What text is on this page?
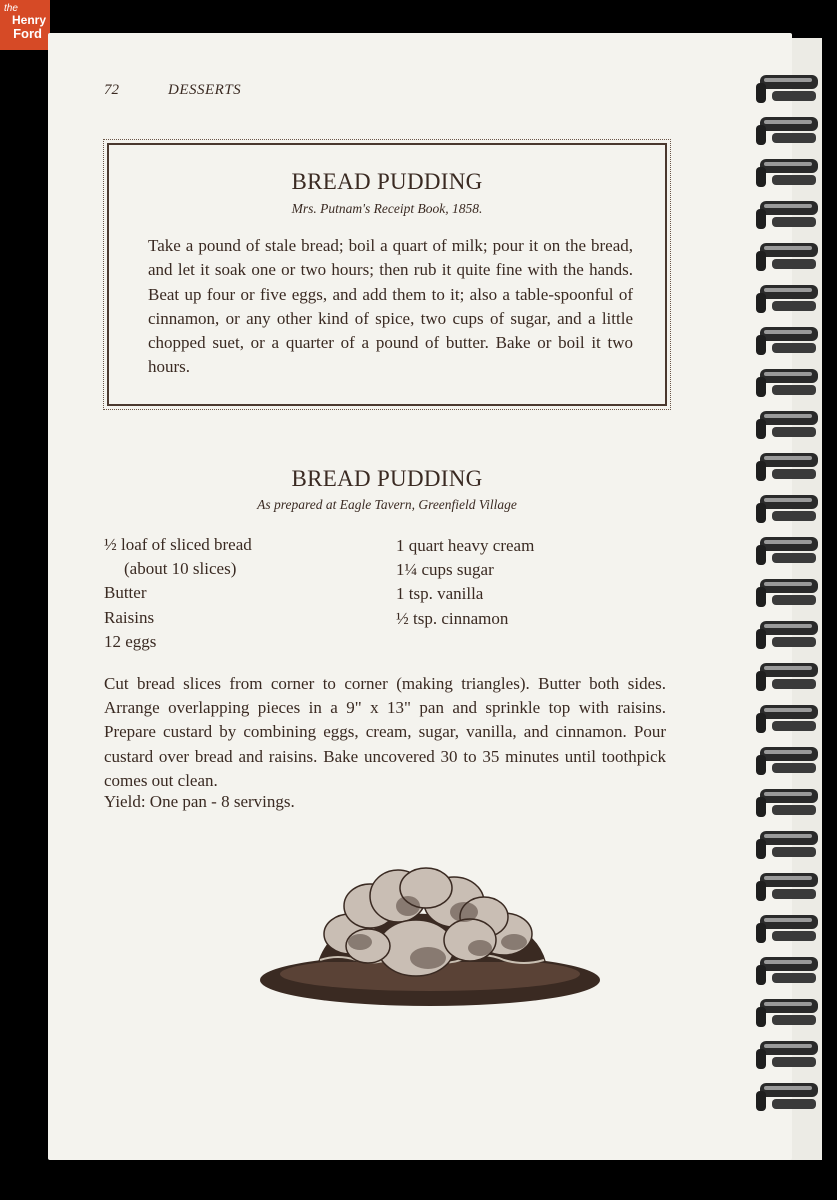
the
Henry
Ford
72	DESSERTS
BREAD PUDDING
Mrs. Putnam's Receipt Book, 1858.
Take a pound of stale bread; boil a quart of milk; pour it on the bread, and let it soak one or two hours; then rub it quite fine with the hands. Beat up four or five eggs, and add them to it; also a table-spoonful of cinnamon, or any other kind of spice, two cups of sugar, and a little chopped suet, or a quarter of a pound of butter. Bake or boil it two hours.
BREAD PUDDING
As prepared at Eagle Tavern, Greenfield Village
½ loaf of sliced bread
(about 10 slices)
Butter
Raisins
12 eggs
1 quart heavy cream
1¼ cups sugar
1 tsp. vanilla
½ tsp. cinnamon
Cut bread slices from corner to corner (making triangles). Butter both sides. Arrange overlapping pieces in a 9" x 13" pan and sprinkle top with raisins. Prepare custard by combining eggs, cream, sugar, vanilla, and cinnamon. Pour custard over bread and raisins. Bake uncovered 30 to 35 minutes until toothpick comes out clean.
Yield: One pan - 8 servings.
